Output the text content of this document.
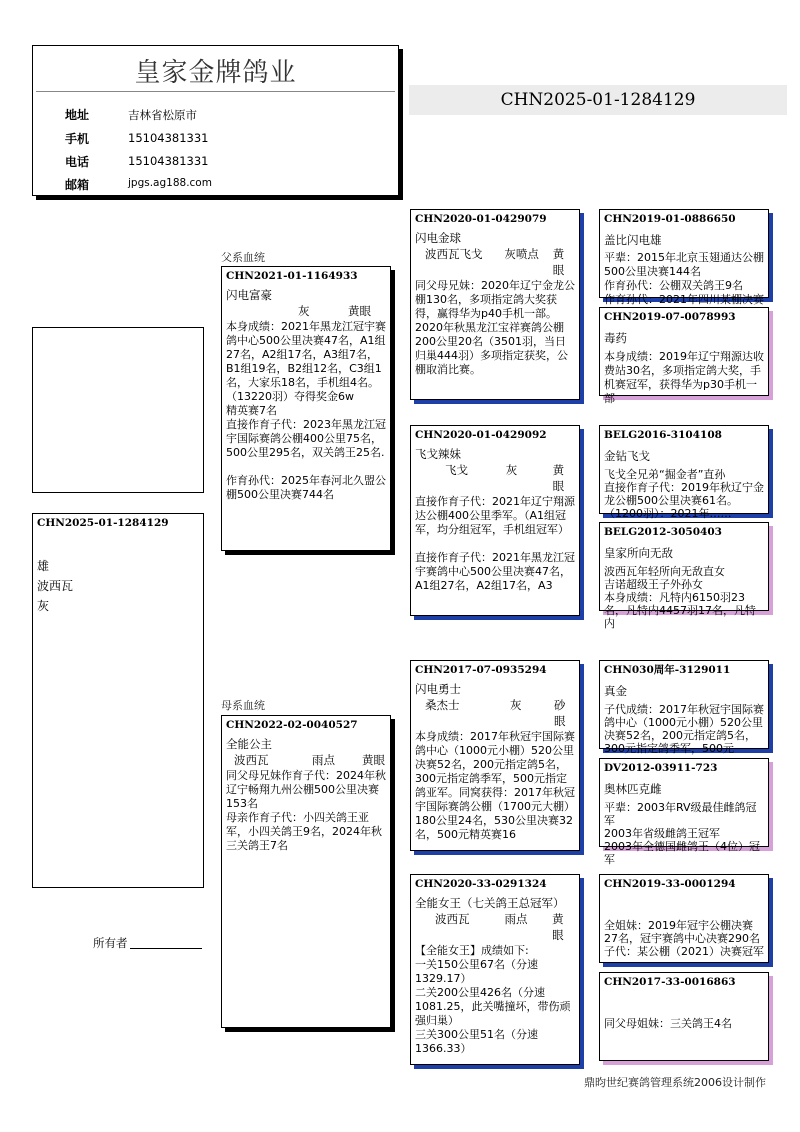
皇家金牌鸽业
地址	吉林省松原市
手机	15104381331
电话	15104381331
邮箱	jpgs.ag188.com
CHN2025-01-1284129
CHN2025-01-1284129
雄
波西瓦
灰
父系血统
母系血统
CHN2021-01-1164933
闪电富豪
灰	黄眼
本身成绩：2021年黑龙江冠宇赛鸽中心500公里决赛47名，A1组27名，A2组17名，A3组7名，B1组19名，B2组12名，C3组1名，大家乐18名，手机组4名。（13220羽）夺得奖金6w
精英赛7名
直接作育子代：2023年黑龙江冠宇国际赛鸽公棚400公里75名，500公里295名，双关鸽王25名.

作育孙代：2025年春河北久盟公棚500公里决赛744名
CHN2022-02-0040527
全能公主
波西瓦	雨点	黄眼
同父母兄妹作育子代：2024年秋辽宁畅翔九州公棚500公里决赛153名
母亲作育子代：小四关鸽王亚军，小四关鸽王9名，2024年秋三关鸽王7名
CHN2020-01-0429079
闪电金球
波西瓦飞戈	灰喷点	黄眼
同父母兄妹：2020年辽宁金龙公棚130名，多项指定鸽大奖获得，赢得华为p40手机一部。
2020年秋黑龙江宝祥赛鸽公棚200公里20名（3501羽，当日归巢444羽）多项指定获奖，公棚取消比赛。
CHN2020-01-0429092
飞戈辣妹
飞戈	灰	黄眼
直接作育子代：2021年辽宁翔源达公棚400公里季军。（A1组冠军，均分组冠军，手机组冠军）

直接作育子代：2021年黑龙江冠宇赛鸽中心500公里决赛47名，A1组27名，A2组17名，A3
CHN2017-07-0935294
闪电勇士
桑杰士	灰	砂眼
本身成绩：2017年秋冠宇国际赛鸽中心（1000元小棚）520公里决赛52名，200元指定鸽5名，300元指定鸽季军，500元指定鸽亚军。同窝获得：2017年秋冠宇国际赛鸽公棚（1700元大棚）180公里24名，530公里决赛32名，500元精英赛16
CHN2020-33-0291324
全能女王（七关鸽王总冠军）
波西瓦	雨点	黄眼
【全能女王】成绩如下:
一关150公里67名（分速1329.17）
二关200公里426名（分速1081.25，此关嘴撞坏，带伤顽强归巢）
三关300公里51名（分速1366.33）
CHN2019-01-0886650
盖比闪电雄
平辈：2015年北京玉翅通达公棚500公里决赛144名
作育孙代：公棚双关鸽王9名
作育孙代：2021年四川某棚决赛
CHN2019-07-0078993
毒药
本身成绩：2019年辽宁翔源达收费站30名，多项指定鸽大奖，手机赛冠军，获得华为p30手机一部
BELG2016-3104108
金钻飞戈
飞戈全兄弟“掘金者”直孙
直接作育子代：2019年秋辽宁金龙公棚500公里决赛61名。
（1200羽）：2021年……
BELG2012-3050403
皇家所向无敌
波西瓦年轻所向无敌直女
吉诺超级王子外孙女
本身成绩：凡特内6150羽23名，凡特内4457羽17名，凡特内
CHN030周年-3129011
真金
子代成绩：2017年秋冠宇国际赛鸽中心（1000元小棚）520公里决赛52名，200元指定鸽5名，300元指定鸽季军，500元
DV2012-03911-723
奥林匹克雌
平辈：2003年RV级最佳雌鸽冠军
2003年省级雌鸽王冠军
2003年全德国雌鸽王（4位）冠军
CHN2019-33-0001294
全姐妹：2019年冠宇公棚决赛27名，冠宇赛鸽中心决赛290名
子代：某公棚（2021）决赛冠军
CHN2017-33-0016863
同父母姐妹：三关鸽王4名
所有者
鼎昀世纪赛鸽管理系统2006设计制作
